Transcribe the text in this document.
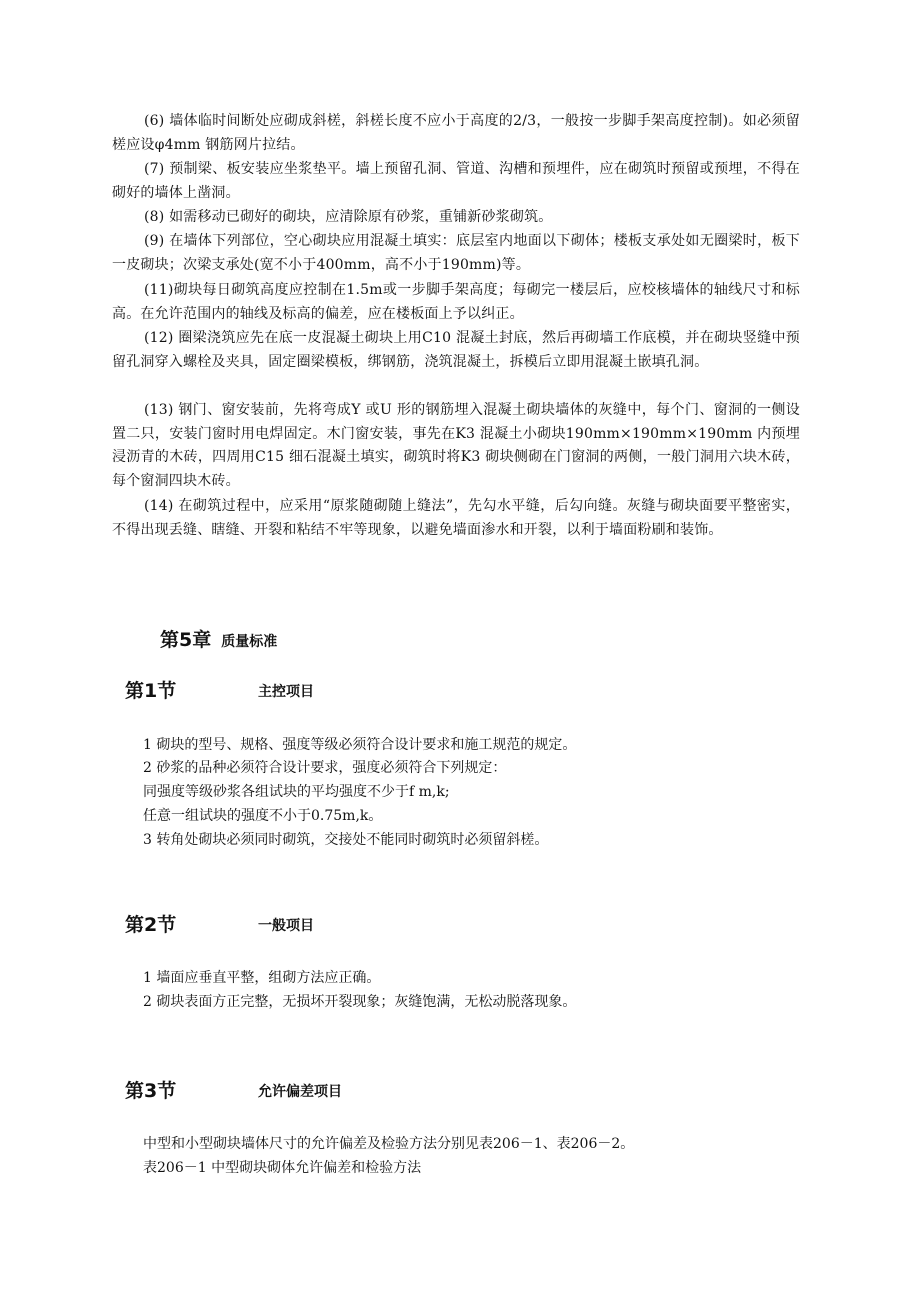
(6) 墙体临时间断处应砌成斜槎，斜槎长度不应小于高度的2/3，一般按一步脚手架高度控制)。如必须留槎应设φ4mm 钢筋网片拉结。

(7) 预制梁、板安装应坐浆垫平。墙上预留孔洞、管道、沟槽和预埋件，应在砌筑时预留或预埋，不得在砌好的墙体上凿洞。

(8) 如需移动已砌好的砌块，应清除原有砂浆，重铺新砂浆砌筑。

(9) 在墙体下列部位，空心砌块应用混凝土填实：底层室内地面以下砌体；楼板支承处如无圈梁时，板下一皮砌块；次梁支承处(宽不小于400mm，高不小于190mm)等。

(11)砌块每日砌筑高度应控制在1.5m或一步脚手架高度；每砌完一楼层后，应校核墙体的轴线尺寸和标高。在允许范围内的轴线及标高的偏差，应在楼板面上予以纠正。

(12) 圈梁浇筑应先在底一皮混凝土砌块上用C10 混凝土封底，然后再砌墙工作底模，并在砌块竖缝中预留孔洞穿入螺栓及夹具，固定圈梁模板，绑钢筋，浇筑混凝土，拆模后立即用混凝土嵌填孔洞。

(13) 钢门、窗安装前，先将弯成Y 或U 形的钢筋埋入混凝土砌块墙体的灰缝中，每个门、窗洞的一侧设置二只，安装门窗时用电焊固定。木门窗安装，事先在K3 混凝土小砌块190mm×190mm×190mm 内预埋浸沥青的木砖，四周用C15 细石混凝土填实，砌筑时将K3 砌块侧砌在门窗洞的两侧，一般门洞用六块木砖，每个窗洞四块木砖。

(14) 在砌筑过程中，应采用“原浆随砌随上缝法”，先勾水平缝，后勾向缝。灰缝与砌块面要平整密实，不得出现丢缝、瞎缝、开裂和粘结不牢等现象，以避免墙面渗水和开裂，以利于墙面粉刷和装饰。

第5章 质量标准
第1节	主控项目
1 砌块的型号、规格、强度等级必须符合设计要求和施工规范的规定。
2 砂浆的品种必须符合设计要求，强度必须符合下列规定：
同强度等级砂浆各组试块的平均强度不少于f m,k;
任意一组试块的强度不小于0.75m,k。
3 转角处砌块必须同时砌筑，交接处不能同时砌筑时必须留斜槎。
第2节	一般项目
1 墙面应垂直平整，组砌方法应正确。
2 砌块表面方正完整，无损坏开裂现象；灰缝饱满，无松动脱落现象。
第3节	允许偏差项目
中型和小型砌块墙体尺寸的允许偏差及检验方法分别见表206－1、表206－2。
表206－1 中型砌块砌体允许偏差和检验方法
